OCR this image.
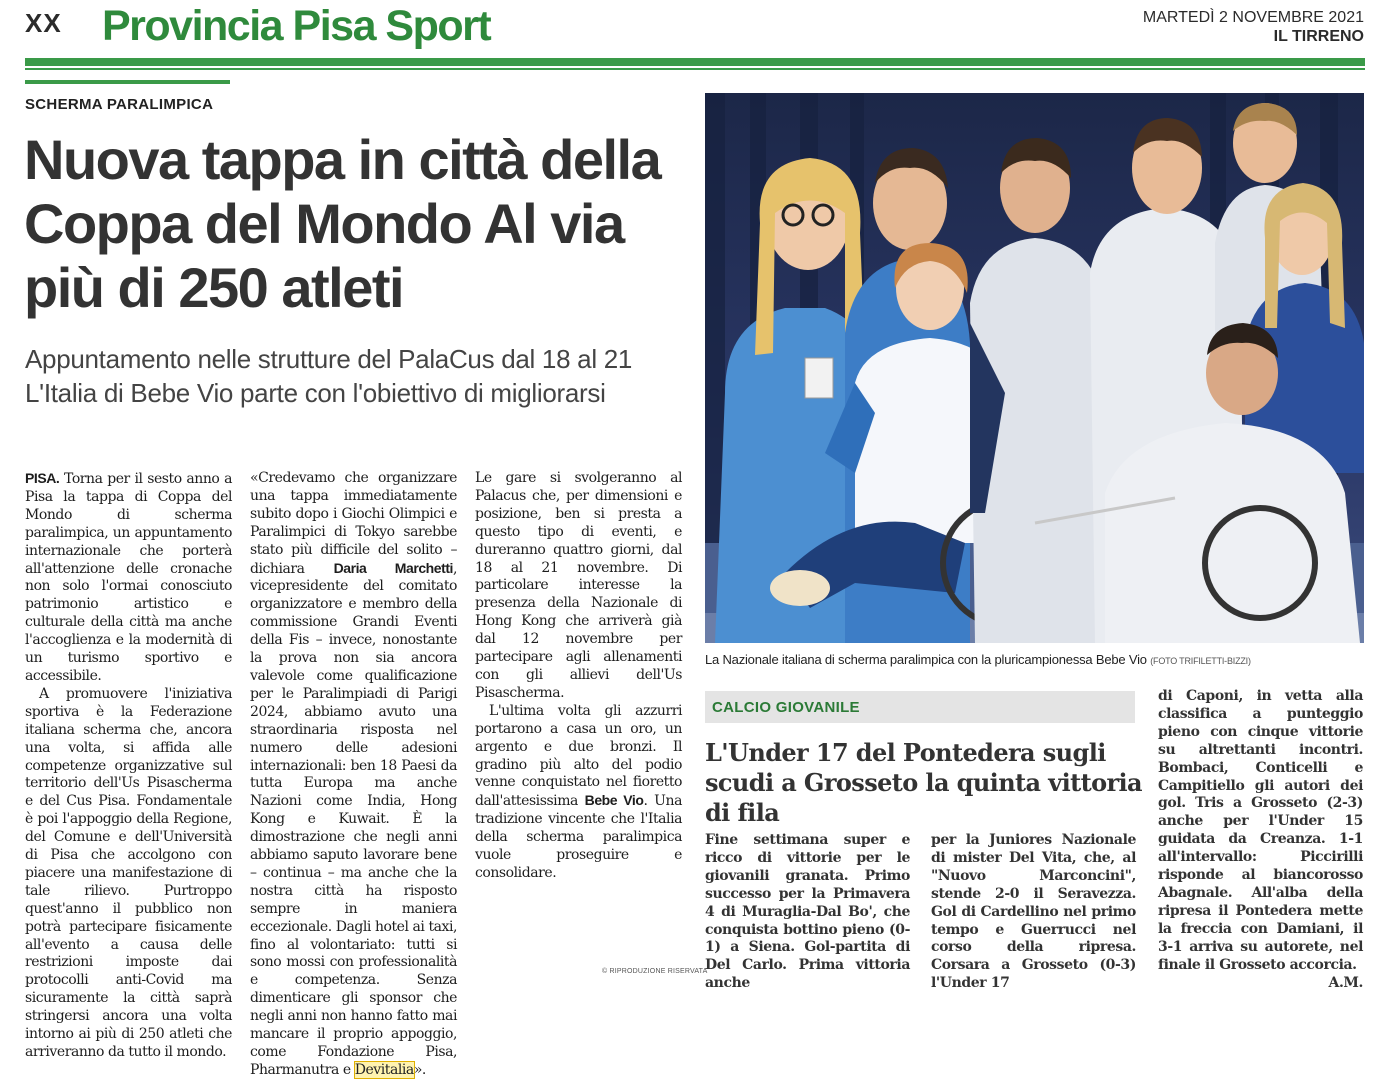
XX Provincia Pisa Sport	MARTEDÌ 2 NOVEMBRE 2021
IL TIRRENO
SCHERMA PARALIMPICA
Nuova tappa in città della Coppa del Mondo Al via più di 250 atleti
Appuntamento nelle strutture del PalaCus dal 18 al 21
L'Italia di Bebe Vio parte con l'obiettivo di migliorarsi

PISA. Torna per il sesto anno a Pisa la tappa di Coppa del Mondo di scherma paralimpica, un appuntamento internazionale che porterà all'attenzione delle cronache non solo l'ormai conosciuto patrimonio artistico e culturale della città ma anche l'accoglienza e la modernità di un turismo sportivo e accessibile.

A promuovere l'iniziativa sportiva è la Federazione italiana scherma che, ancora una volta, si affida alle competenze organizzative sul territorio dell'Us Pisascherma e del Cus Pisa. Fondamentale è poi l'appoggio della Regione, del Comune e dell'Università di Pisa che accolgono con piacere una manifestazione di tale rilievo. Purtroppo quest'anno il pubblico non potrà partecipare fisicamente all'evento a causa delle restrizioni imposte dai protocolli anti-Covid ma sicuramente la città saprà stringersi ancora una volta intorno ai più di 250 atleti che arriveranno da tutto il mondo.

«Credevamo che organizzare una tappa immediatamente subito dopo i Giochi Olimpici e Paralimpici di Tokyo sarebbe stato più difficile del solito – dichiara Daria Marchetti, vicepresidente del comitato organizzatore e membro della commissione Grandi Eventi della Fis – invece, nonostante la prova non sia ancora valevole come qualificazione per le Paralimpiadi di Parigi 2024, abbiamo avuto una straordinaria risposta nel numero delle adesioni internazionali: ben 18 Paesi da tutta Europa ma anche Nazioni come India, Hong Kong e Kuwait. È la dimostrazione che negli anni abbiamo saputo lavorare bene – continua – ma anche che la nostra città ha risposto sempre in maniera eccezionale. Dagli hotel ai taxi, fino al volontariato: tutti si sono mossi con professionalità e competenza. Senza dimenticare gli sponsor che negli anni non hanno fatto mai mancare il proprio appoggio, come Fondazione Pisa, Pharmanutra e Devitalia».

Le gare si svolgeranno al Palacus che, per dimensioni e posizione, ben si presta a questo tipo di eventi, e dureranno quattro giorni, dal 18 al 21 novembre. Di particolare interesse la presenza della Nazionale di Hong Kong che arriverà già dal 12 novembre per partecipare agli allenamenti con gli allievi dell'Us Pisascherma.

L'ultima volta gli azzurri portarono a casa un oro, un argento e due bronzi. Il gradino più alto del podio venne conquistato nel fioretto dall'attesissima Bebe Vio. Una tradizione vincente che l'Italia della scherma paralimpica vuole proseguire e consolidare.

© RIPRODUZIONE RISERVATA
La Nazionale italiana di scherma paralimpica con la pluricampionessa Bebe Vio (FOTO TRIFILETTI-BIZZI)
CALCIO GIOVANILE
L'Under 17 del Pontedera sugli scudi a Grosseto la quinta vittoria di fila

Fine settimana super e ricco di vittorie per le giovanili granata. Primo successo per la Primavera 4 di Muraglia-Dal Bo', che conquista bottino pieno (0-1) a Siena. Gol-partita di Del Carlo. Prima vittoria anche

per la Juniores Nazionale di mister Del Vita, che, al "Nuovo Marconcini", stende 2-0 il Seravezza. Gol di Cardellino nel primo tempo e Guerrucci nel corso della ripresa. Corsara a Grosseto (0-3) l'Under 17

di Caponi, in vetta alla classifica a punteggio pieno con cinque vittorie su altrettanti incontri. Bombaci, Conticelli e Campitiello gli autori dei gol. Tris a Grosseto (2-3) anche per l'Under 15 guidata da Creanza. 1-1 all'intervallo: Piccirilli risponde al biancorosso Abagnale. All'alba della ripresa il Pontedera mette la freccia con Damiani, il 3-1 arriva su autorete, nel finale il Grosseto accorcia.

A.M.
